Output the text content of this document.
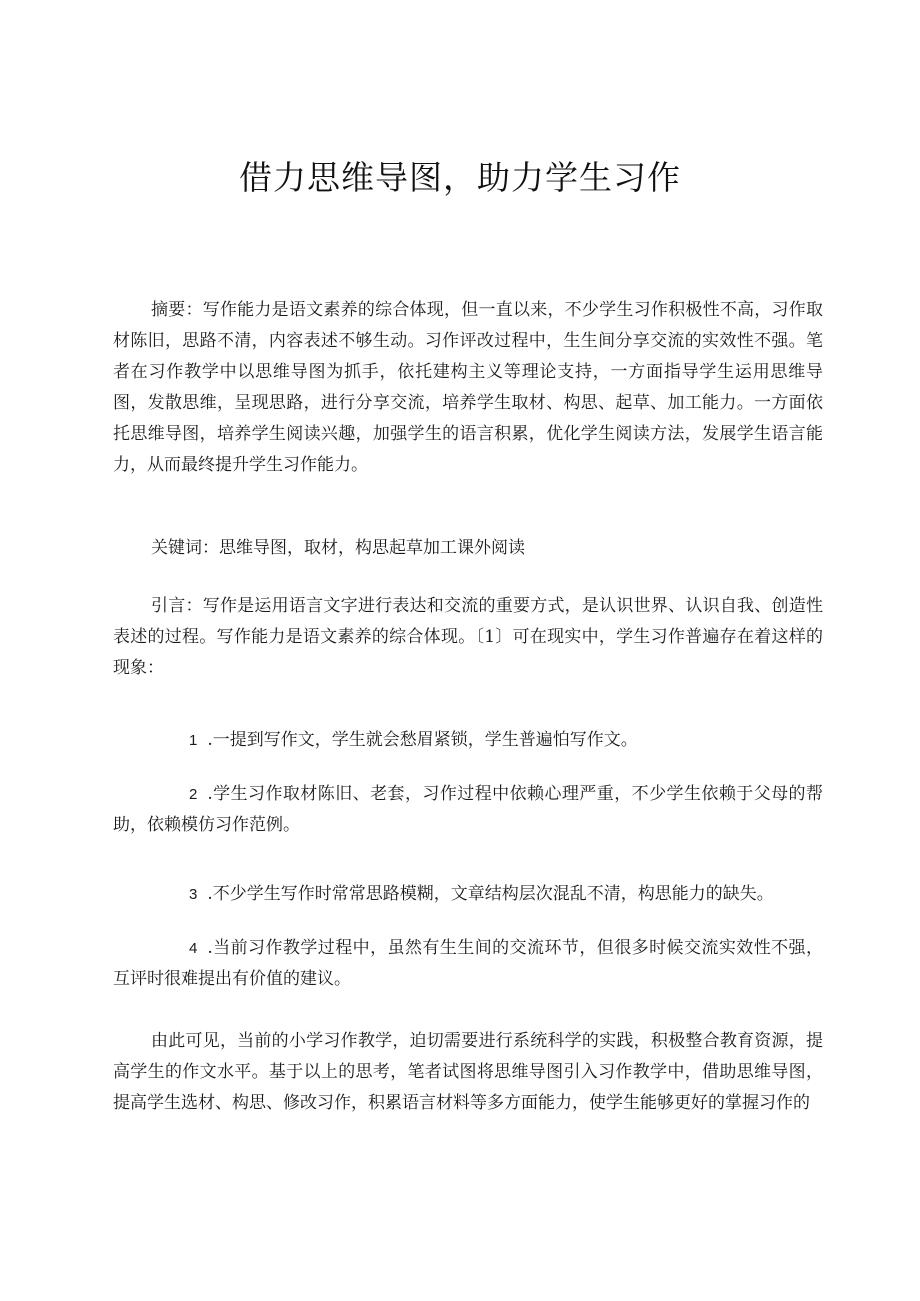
借力思维导图，助力学生习作

摘要：写作能力是语文素养的综合体现，但一直以来，不少学生习作积极性不高，习作取材陈旧，思路不清，内容表述不够生动。习作评改过程中，生生间分享交流的实效性不强。笔者在习作教学中以思维导图为抓手，依托建构主义等理论支持，一方面指导学生运用思维导图，发散思维，呈现思路，进行分享交流，培养学生取材、构思、起草、加工能力。一方面依托思维导图，培养学生阅读兴趣，加强学生的语言积累，优化学生阅读方法，发展学生语言能力，从而最终提升学生习作能力。

关键词：思维导图，取材，构思起草加工课外阅读

引言：写作是运用语言文字进行表达和交流的重要方式，是认识世界、认识自我、创造性表述的过程。写作能力是语文素养的综合体现。〔1〕可在现实中，学生习作普遍存在着这样的现象：

1 .一提到写作文，学生就会愁眉紧锁，学生普遍怕写作文。

2 .学生习作取材陈旧、老套，习作过程中依赖心理严重，不少学生依赖于父母的帮助，依赖模仿习作范例。

3 .不少学生写作时常常思路模糊，文章结构层次混乱不清，构思能力的缺失。

4 .当前习作教学过程中，虽然有生生间的交流环节，但很多时候交流实效性不强，互评时很难提出有价值的建议。

由此可见，当前的小学习作教学，迫切需要进行系统科学的实践，积极整合教育资源，提高学生的作文水平。基于以上的思考，笔者试图将思维导图引入习作教学中，借助思维导图，提高学生选材、构思、修改习作，积累语言材料等多方面能力，使学生能够更好的掌握习作的
